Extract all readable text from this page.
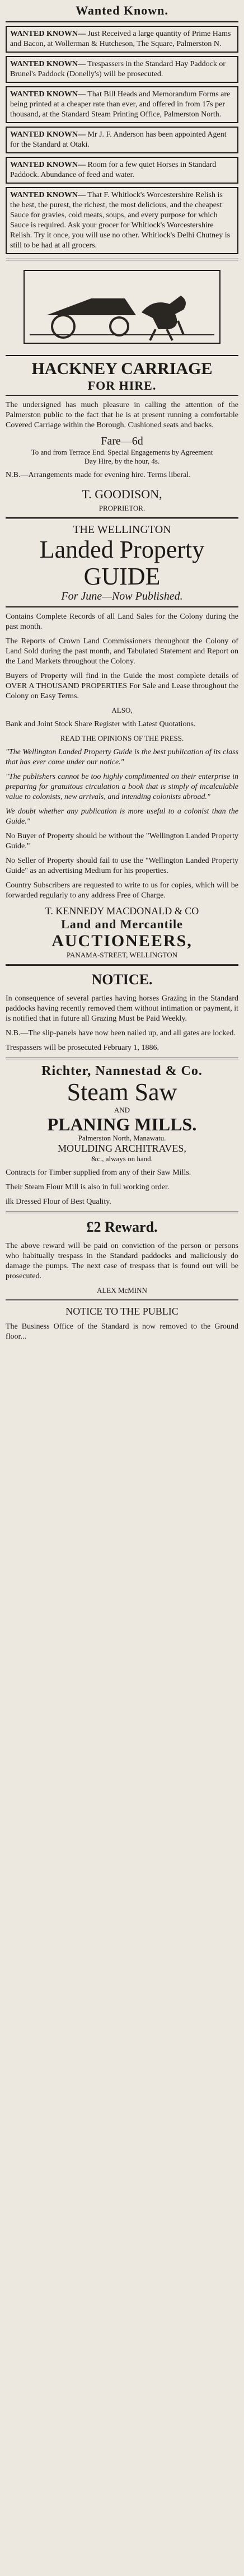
Wanted Known.
WANTED KNOWN— Just Received a large quantity of Prime Hams and Bacon, at Wollerman & Hutcheson, The Square, Palmerston N.
WANTED KNOWN— Trespassers in the Standard Hay Paddock or Brunel's Paddock (Donelly's) will be prosecuted.
WANTED KNOWN— That Bill Heads and Memorandum Forms are being printed at a cheaper rate than ever, and offered in from 17s per thousand, at the Standard Steam Printing Office, Palmerston North.
WANTED KNOWN— Mr J. F. Anderson has been appointed Agent for the Standard at Otaki.
WANTED KNOWN— Room for a few quiet Horses in Standard Paddock. Abundance of feed and water.
WANTED KNOWN— That F. Whitlock's Worcestershire Relish is the best, the purest, the richest, the most delicious, and the cheapest Sauce for gravies, cold meats, soups, and every purpose for which Sauce is required. Ask your grocer for Whitlock's Worcestershire Relish. Try it once, you will use no other. Whitlock's Delhi Chutney is still to be had at all grocers.
HACKNEY CARRIAGE
FOR HIRE.
The undersigned has much pleasure in calling the attention of the Palmerston public to the fact that he is at present running a comfortable Covered Carriage within the Borough. Cushioned seats and backs.
Fare—6d
To and from Terrace End. Special Engagements by Agreement
Day Hire, by the hour, 4s.
N.B.—Arrangements made for evening hire. Terms liberal.
T. GOODISON,
PROPRIETOR.
THE WELLINGTON
Landed Property
GUIDE
For June—Now Published.
Contains Complete Records of all Land Sales for the Colony during the past month.
The Reports of Crown Land Commissioners throughout the Colony of Land Sold during the past month, and Tabulated Statement and Report on the Land Markets throughout the Colony.
Buyers of Property will find in the Guide the most complete details of OVER A THOUSAND PROPERTIES For Sale and Lease throughout the Colony on Easy Terms.
ALSO,
Bank and Joint Stock Share Register with Latest Quotations.
READ THE OPINIONS OF THE PRESS.
"The Wellington Landed Property Guide is the best publication of its class that has ever come under our notice."
"The publishers cannot be too highly complimented on their enterprise in preparing for gratuitous circulation a book that is simply of incalculable value to colonists, new arrivals, and intending colonists abroad."
We doubt whether any publication is more useful to a colonist than the Guide."
No Buyer of Property should be without the "Wellington Landed Property Guide."
No Seller of Property should fail to use the "Wellington Landed Property Guide" as an advertising Medium for his properties.
Country Subscribers are requested to write to us for copies, which will be forwarded regularly to any address Free of Charge.
T. KENNEDY MACDONALD & CO
Land and Mercantile
AUCTIONEERS,
PANAMA-STREET, WELLINGTON
NOTICE.
In consequence of several parties having horses Grazing in the Standard paddocks having recently removed them without intimation or payment, it is notified that in future all Grazing Must be Paid Weekly.
N.B.—The slip-panels have now been nailed up, and all gates are locked.
Trespassers will be prosecuted February 1, 1886.
Richter, Nannestad & Co.
Steam Saw
AND
PLANING MILLS.
Palmerston North, Manawatu.
MOULDING ARCHITRAVES,
&c., always on hand.
Contracts for Timber supplied from any of their Saw Mills.
Their Steam Flour Mill is also in full working order.
ilk Dressed Flour of Best Quality.
£2 Reward.
The above reward will be paid on conviction of the person or persons who habitually trespass in the Standard paddocks and maliciously do damage the pumps. The next case of trespass that is found out will be prosecuted.
ALEX McMINN
NOTICE TO THE PUBLIC
The Business Office of the Standard is now removed to the Ground floor...
